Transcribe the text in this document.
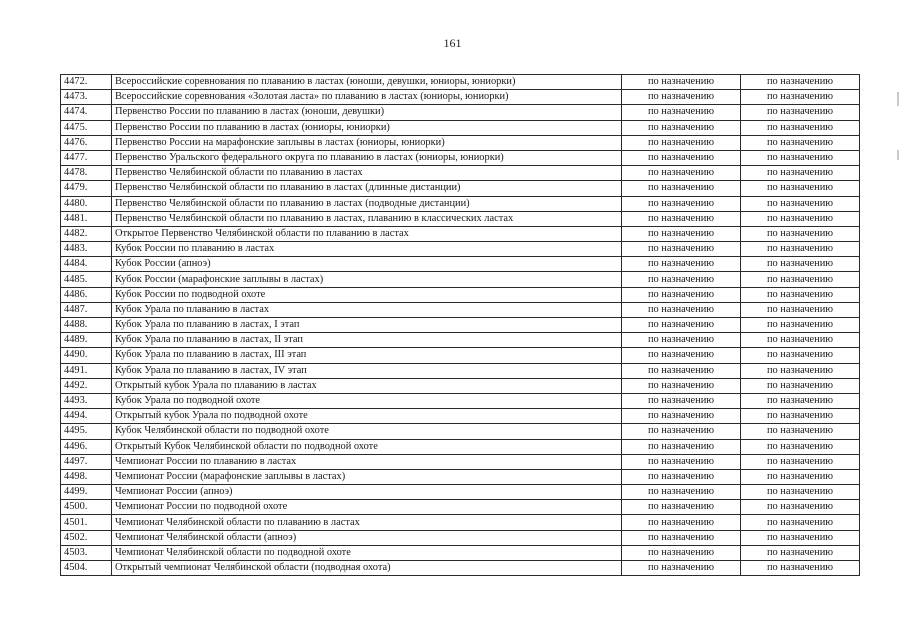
161
4472.	Всероссийские соревнования по плаванию в ластах (юноши, девушки, юниоры, юниорки)	по назначению	по назначению
4473.	Всероссийские соревнования «Золотая ласта» по плаванию в ластах (юниоры, юниорки)	по назначению	по назначению
4474.	Первенство России по плаванию в ластах (юноши, девушки)	по назначению	по назначению
4475.	Первенство России по плаванию в ластах (юниоры, юниорки)	по назначению	по назначению
4476.	Первенство России на марафонские заплывы в ластах (юниоры, юниорки)	по назначению	по назначению
4477.	Первенство Уральского федерального округа по плаванию в ластах (юниоры, юниорки)	по назначению	по назначению
4478.	Первенство Челябинской области по плаванию в ластах	по назначению	по назначению
4479.	Первенство Челябинской области по плаванию в ластах (длинные дистанции)	по назначению	по назначению
4480.	Первенство Челябинской области по плаванию в ластах (подводные дистанции)	по назначению	по назначению
4481.	Первенство Челябинской области по плаванию в ластах, плаванию в классических ластах	по назначению	по назначению
4482.	Открытое Первенство Челябинской области по плаванию в ластах	по назначению	по назначению
4483.	Кубок России по плаванию в ластах	по назначению	по назначению
4484.	Кубок России (апноэ)	по назначению	по назначению
4485.	Кубок России (марафонские заплывы в ластах)	по назначению	по назначению
4486.	Кубок России по подводной охоте	по назначению	по назначению
4487.	Кубок Урала по плаванию в ластах	по назначению	по назначению
4488.	Кубок Урала по плаванию в ластах, I этап	по назначению	по назначению
4489.	Кубок Урала по плаванию в ластах, II этап	по назначению	по назначению
4490.	Кубок Урала по плаванию в ластах, III этап	по назначению	по назначению
4491.	Кубок Урала по плаванию в ластах, IV этап	по назначению	по назначению
4492.	Открытый кубок Урала по плаванию в ластах	по назначению	по назначению
4493.	Кубок Урала по подводной охоте	по назначению	по назначению
4494.	Открытый кубок Урала по подводной охоте	по назначению	по назначению
4495.	Кубок Челябинской области по подводной охоте	по назначению	по назначению
4496.	Открытый Кубок Челябинской области по подводной охоте	по назначению	по назначению
4497.	Чемпионат России по плаванию в ластах	по назначению	по назначению
4498.	Чемпионат России (марафонские заплывы в ластах)	по назначению	по назначению
4499.	Чемпионат России (апноэ)	по назначению	по назначению
4500.	Чемпионат России по подводной охоте	по назначению	по назначению
4501.	Чемпионат Челябинской области по плаванию в ластах	по назначению	по назначению
4502.	Чемпионат Челябинской области (апноэ)	по назначению	по назначению
4503.	Чемпионат Челябинской области по подводной охоте	по назначению	по назначению
4504.	Открытый чемпионат Челябинской области (подводная охота)	по назначению	по назначению
